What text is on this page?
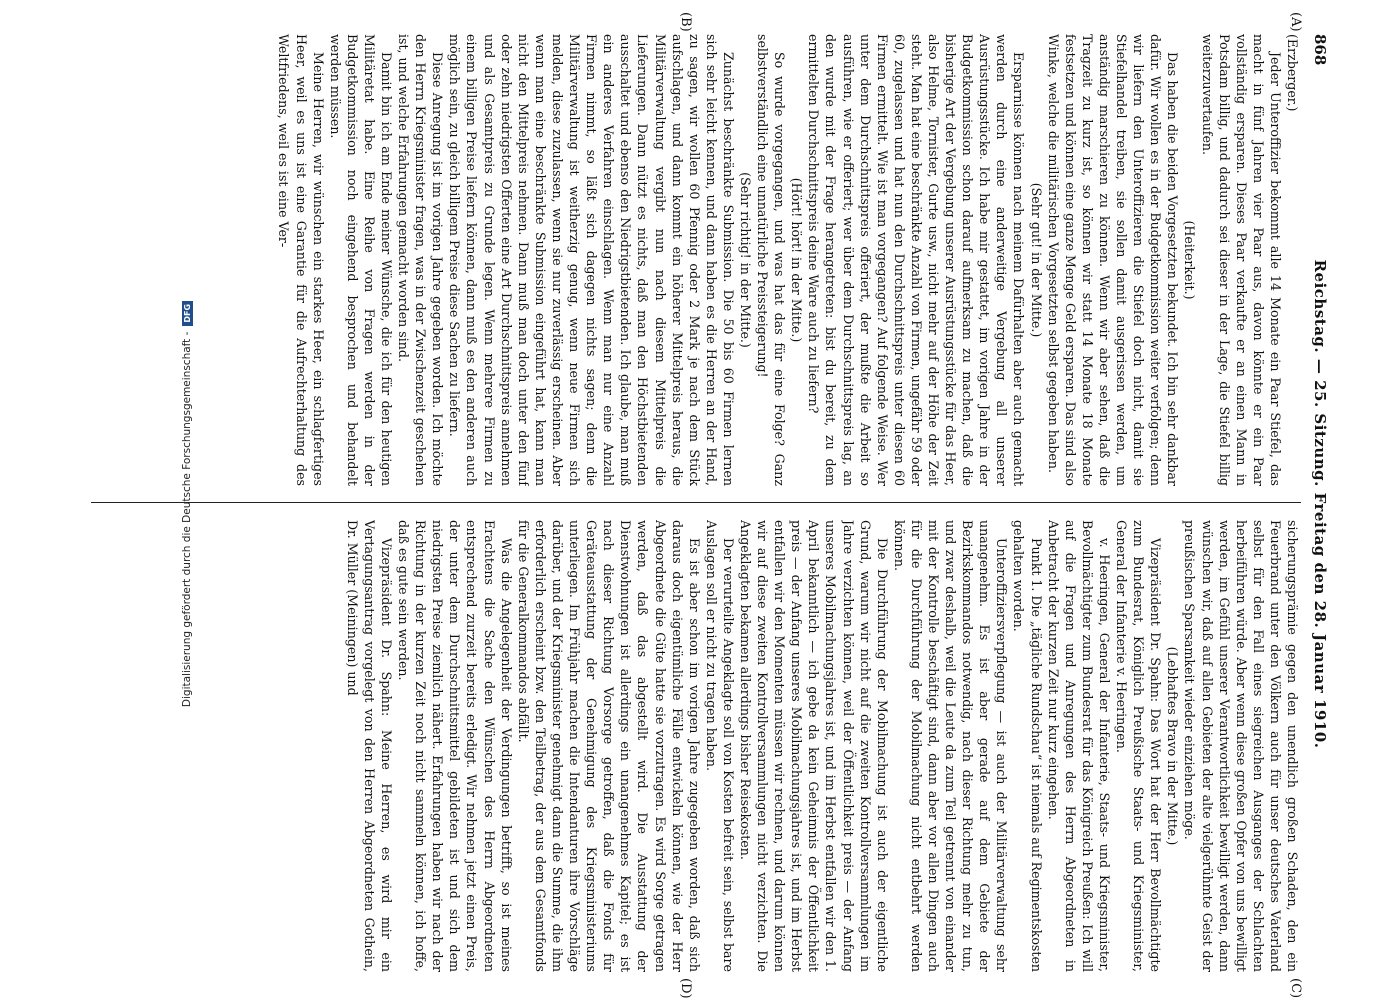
868
Reichstag. — 25. Sitzung. Freitag den 28. Januar 1910.
(A)
(B)
(C)
(D)

(Erzberger.)

Jeder Unteroffizier bekommt alle 14 Monate ein Paar Stiefel, das macht in fünf Jahren vier Paar aus, davon könnte er ein Paar vollständig ersparen. Dieses Paar verkaufte er an einen Mann in Potsdam billig, und dadurch sei dieser in der Lage, die Stiefel billig weiterzuvertaufen.

(Heiterkeit.)

Das haben die beiden Vorgesetzten bekundet. Ich bin sehr dankbar dafür. Wir wollen es in der Budgetkommission weiter verfolgen; denn wir liefern den Unteroffizieren die Stiefel doch nicht, damit sie Stiefelhandel treiben, sie sollen damit ausgerissen werden, um anständig marschieren zu können. Wenn wir aber sehen, daß die Tragzeit zu kurz ist, so können wir statt 14 Monate 18 Monate festsetzen und können eine ganze Menge Geld ersparen. Das sind also Winke, welche die militärischen Vorgesetzten selbst gegeben haben.

(Sehr gut! in der Mitte.)

Ersparnisse können nach meinem Dafürhalten aber auch gemacht werden durch eine anderweitige Vergebung all unserer Ausrüstungsstücke. Ich habe mir gestattet, im vorigen Jahre in der Budgetkommission schon darauf aufmerksam zu machen, daß die bisherige Art der Vergebung unserer Ausrüstungsstücke für das Heer, also Helme, Tornister, Gurte usw., nicht mehr auf der Höhe der Zeit steht. Man hat eine beschränkte Anzahl von Firmen, ungefähr 59 oder 60, zugelassen und hat nun den Durchschnittspreis unter diesen 60 Firmen ermittelt. Wie ist man vorgegangen? Auf folgende Weise. Wer unter dem Durchschnittspreis offeriert, der mußte die Arbeit so ausführen, wie er offeriert; wer über dem Durchschnittspreis lag, an den wurde mit der Frage herangetreten: bist du bereit, zu dem ermittelten Durchschnittspreis deine Ware auch zu liefern?

(Hört! hört! in der Mitte.)

So wurde vorgegangen, und was hat das für eine Folge? Ganz selbstverständlich eine unnatürliche Preissteigerung!

(Sehr richtig! in der Mitte.)

Zunächst beschränkte Submission. Die 50 bis 60 Firmen lernen sich sehr leicht kennen, und dann haben es die Herren an der Hand, zu sagen, wir wollen 60 Pfennig oder 2 Mark je nach dem Stück aufschlagen, und dann kommt ein höherer Mittelpreis heraus, die Militärverwaltung vergibt nun nach diesem Mittelpreis die Lieferungen. Dann nützt es nichts, daß man den Höchstbietenden ausschaltet und ebenso den Niedrigstbietenden. Ich glaube, man muß ein anderes Verfahren einschlagen. Wenn man nur eine Anzahl Firmen nimmt, so läßt sich dagegen nichts sagen; denn die Militärverwaltung ist weitherzig genug, wenn neue Firmen sich melden, diese zuzulassen, wenn sie nur zuverlässig erscheinen. Aber wenn man eine beschränkte Submission eingeführt hat, kann man nicht den Mittelpreis nehmen. Dann muß man doch unter den fünf oder zehn niedrigsten Offerten eine Art Durchschnittspreis annehmen und als Gesamtpreis zu Grunde legen. Wenn mehrere Firmen zu einem billigen Preise liefern können, dann muß es den anderen auch möglich sein, zu gleich billigem Preise diese Sachen zu liefern.

Diese Anregung ist im vorigen Jahre gegeben worden. Ich möchte den Herrn Kriegsminister fragen, was in der Zwischenzeit geschehen ist, und welche Erfahrungen gemacht worden sind.

Damit bin ich am Ende meiner Wünsche, die ich für den heutigen Militäretat habe. Eine Reihe von Fragen werden in der Budgetkommission noch eingehend besprochen und behandelt werden müssen.

Meine Herren, wir wünschen ein starkes Heer, ein schlagfertiges Heer, weil es uns ist eine Garantie für die Aufrechterhaltung des Weltfriedens, weil es ist eine Ver-

sicherungsprämie gegen den unendlich großen Schaden, den ein Feuerbrand unter den Völkern auch für unser deutsches Vaterland selbst für den Fall eines siegreichen Ausganges der Schlachten herbeiführen würde. Aber wenn diese großen Opfer von uns bewilligt werden, im Gefühl unserer Verantwortlichkeit bewilligt werden, dann wünschen wir, daß auf allen Gebieten der alte vielgerühmte Geist der preußischen Sparsamkeit wieder einziehen möge.

(Lebhaftes Bravo in der Mitte.)

Vizepräsident Dr. Spahn: Das Wort hat der Herr Bevollmächtigte zum Bundesrat, Königlich Preußische Staats- und Kriegsminister, General der Infanterie v. Heeringen.

v. Heeringen, General der Infanterie, Staats- und Kriegsminister, Bevollmächtigter zum Bundesrat für das Königreich Preußen: Ich will auf die Fragen und Anregungen des Herrn Abgeordneten in Anbetracht der kurzen Zeit nur kurz eingehen.

Punkt 1. Die „tägliche Rundschau“ ist niemals auf Regimentskosten gehalten worden.

Unteroffiziersverpflegung — ist auch der Militärverwaltung sehr unangenehm. Es ist aber gerade auf dem Gebiete der Bezirkskommandos notwendig, nach dieser Richtung mehr zu tun, und zwar deshalb, weil die Leute da zum Teil getrennt von einander mit der Kontrolle beschäftigt sind, dann aber vor allen Dingen auch für die Durchführung der Mobilmachung nicht entbehrt werden können.

Die Durchführung der Mobilmachung ist auch der eigentliche Grund, warum wir nicht auf die zweiten Kontrollversammlungen im Jahre verzichten können, weil der Öffentlichkeit preis — der Anfang unseres Mobilmachungsjahres ist, und im Herbst entfallen wir den 1. April bekanntlich — ich gebe da kein Geheimnis der Öffentlichkeit preis — der Anfang unseres Mobilmachungsjahres ist, und im Herbst entfallen wir den Momenten müssen wir rechnen, und darum können wir auf diese zweiten Kontrollversammlungen nicht verzichten. Die Angeklagten bekamen allerdings bisher Reisekosten.

Der verurteilte Angeklagte soll von Kosten befreit sein, selbst bare Auslagen soll er nicht zu tragen haben.

Es ist aber schon im vorigen Jahre zugegeben worden, daß sich daraus doch eigentümliche Fälle entwickeln können, wie der Herr Abgeordnete die Güte hatte sie vorzutragen. Es wird Sorge getragen werden, daß das abgestellt wird. Die Ausstattung der Dienstwohnungen ist allerdings ein unangenehmes Kapitel; es ist nach dieser Richtung Vorsorge getroffen, daß die Fonds für Geräteausstattung der Genehmigung des Kriegsministeriums unterliegen. Im Frühjahr machen die Intendanturen ihre Vorschläge darüber, und der Kriegsminister genehmigt dann die Summe, die ihm erforderlich erscheint bzw. den Teilbetrag, der aus dem Gesamtfonds für die Generalkommandos abfällt.

Was die Angelegenheit der Verdingungen betrifft, so ist meines Erachtens die Sache den Wünschen des Herrn Abgeordneten entsprechend zurzeit bereits erledigt. Wir nehmen jetzt einen Preis, der unter dem Durchschnittsmittel gebildeten ist und sich dem niedrigsten Preise ziemlich nähert. Erfahrungen haben wir nach der Richtung in der kurzen Zeit noch nicht sammeln können, ich hoffe, daß es gute sein werden.

Vizepräsident Dr. Spahn: Meine Herren, es wird mir ein Vertagungsantrag vorgelegt von den Herren Abgeordneten Gothein, Dr. Müller (Meiningen) und

Digitalisierung gefördert durch die Deutsche Forschungsgemeinschaft -DFG
